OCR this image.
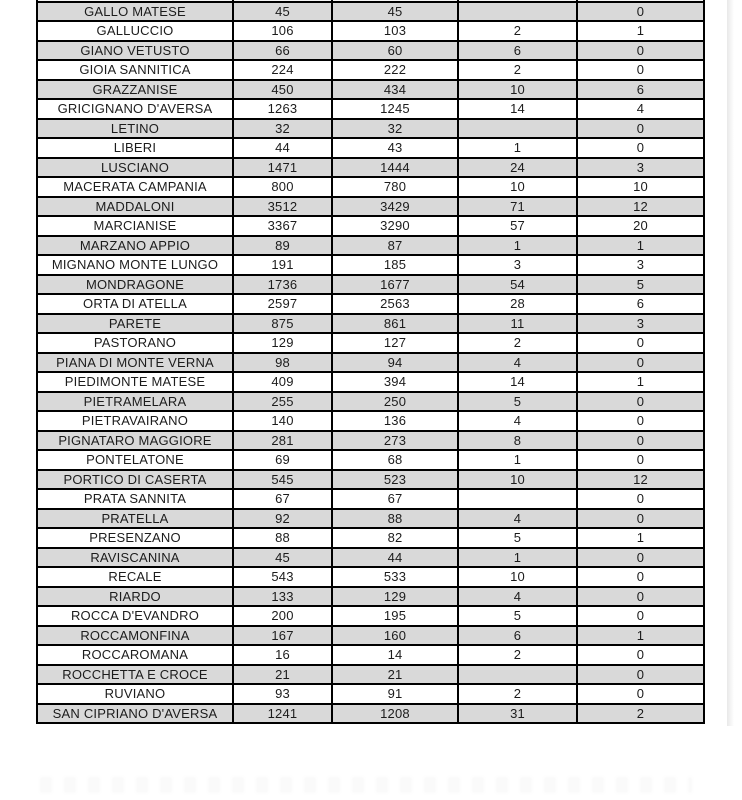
GALLO MATESE	45	45		0
GALLUCCIO	106	103	2	1
GIANO VETUSTO	66	60	6	0
GIOIA SANNITICA	224	222	2	0
GRAZZANISE	450	434	10	6
GRICIGNANO D'AVERSA	1263	1245	14	4
LETINO	32	32		0
LIBERI	44	43	1	0
LUSCIANO	1471	1444	24	3
MACERATA CAMPANIA	800	780	10	10
MADDALONI	3512	3429	71	12
MARCIANISE	3367	3290	57	20
MARZANO APPIO	89	87	1	1
MIGNANO MONTE LUNGO	191	185	3	3
MONDRAGONE	1736	1677	54	5
ORTA DI ATELLA	2597	2563	28	6
PARETE	875	861	11	3
PASTORANO	129	127	2	0
PIANA DI MONTE VERNA	98	94	4	0
PIEDIMONTE MATESE	409	394	14	1
PIETRAMELARA	255	250	5	0
PIETRAVAIRANO	140	136	4	0
PIGNATARO MAGGIORE	281	273	8	0
PONTELATONE	69	68	1	0
PORTICO DI CASERTA	545	523	10	12
PRATA SANNITA	67	67		0
PRATELLA	92	88	4	0
PRESENZANO	88	82	5	1
RAVISCANINA	45	44	1	0
RECALE	543	533	10	0
RIARDO	133	129	4	0
ROCCA D'EVANDRO	200	195	5	0
ROCCAMONFINA	167	160	6	1
ROCCAROMANA	16	14	2	0
ROCCHETTA E CROCE	21	21		0
RUVIANO	93	91	2	0
SAN CIPRIANO D'AVERSA	1241	1208	31	2
